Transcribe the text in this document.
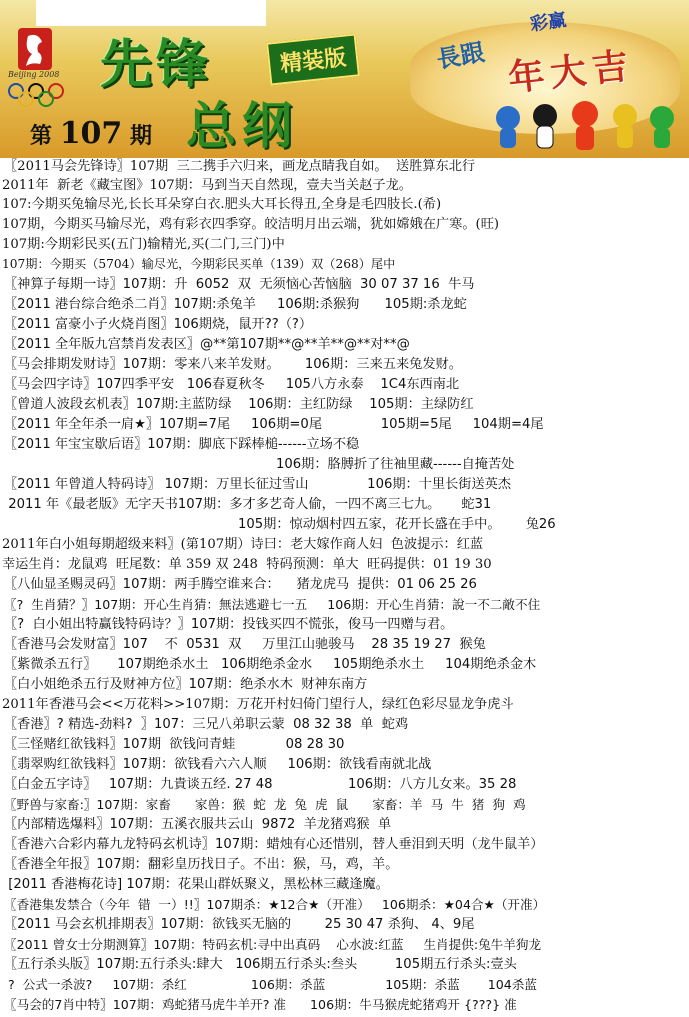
Beijing 2008 先锋	精装版
总纲
第 107 期
彩赢
長跟 年大吉
〖2011马会先锋诗〗107期  三二携手六归来，画龙点睛我自如。  送胜算东北行
2011年  新老《藏宝图》107期：马到当天自然现，壹夫当关赵子龙。
107:今期买兔输尽光,长长耳朵穿白衣.肥头大耳长得丑,全身是毛四肢长.(希)
107期，今期买马输尽光，鸡有彩衣四季穿。皎洁明月出云端，犹如嫦娥在广寒。(旺)
107期:今期彩民买(五门)输精光,买(二门,三门)中
107期：今期买（5704）输尽光，今期彩民买单（139）双（268）尾中
〖神算子每期一诗〗107期：升  6052  双  无须恼心苦恼脑  30 07 37 16  牛马
〖2011 港台综合绝杀二肖〗107期:杀兔羊     106期:杀猴狗      105期:杀龙蛇
〖2011 富豪小子火烧肖图〗106期烧，鼠开??（?）
〖2011 全年版九宫禁肖发表区〗@**第107期**@**羊**@**对**@
〖马会排期发财诗〗107期：零来八来羊发财。      106期：三来五来兔发财。
〖马会四字诗〗107四季平安   106春夏秋冬     105八方永泰    1C4东西南北
〖曾道人波段玄机表〗107期:主蓝防绿    106期：主红防绿    105期：主绿防红
〖2011 年全年杀一肩★〗107期=7尾     106期=0尾              105期=5尾     104期=4尾
〖2011 年宝宝歇后语〗107期：脚底下踩棒槌------立场不稳
106期：胳膊折了往袖里藏------自掩苦处
〖2011 年曾道人特码诗〗 107期：万里长征过雪山              106期：十里长街送英杰
2011 年《最老版》无字天书107期：多才多艺奇人偷，一四不离三七九。     蛇31
105期：惊动烟村四五家，花开长盛在手中。      兔26
2011年白小姐每期超级来料〗(第107期）诗曰：老大嫁作商人妇  色波提示：红蓝
幸运生肖：龙鼠鸡  旺尾数：单 359 双 248  特码预测：单大  旺码提供：01 19 30
〖八仙显圣赐灵码〗107期：两手腾空谁来合：    猪龙虎马  提供：01 06 25 26
〖?  生肖猜？〗107期：开心生肖猜：無法逃避七一五     106期：开心生肖猜：說一不二敵不住
〖?  白小姐出特赢钱特码诗？〗107期：投钱买四不慌张，俊马一四赠与君。
〖香港马会发财富〗107    不  0531  双     万里江山驰骏马    28 35 19 27  猴兔
〖紫微杀五行〗     107期绝杀水土   106期绝杀金水     105期绝杀水土     104期绝杀金木
〖白小姐绝杀五行及财神方位〗107期：绝杀水木  财神东南方
2011年香港马会<<万花料>>107期：万花开村妇倚门望行人，绿红色彩尽显龙争虎斗
〖香港〗? 精选-劲料?  〗107：三兄八弟职云蒙  08 32 38  单  蛇鸡
〖三怪赌红欲钱料〗107期  欲钱问青蛙            08 28 30
〖翡翠购红欲钱料〗107期：欲钱看六六人顺     106期：欲钱看南就北战
〖白金五字诗〗   107期：九貴谈五经. 27 48                  106期：八方儿女来。35 28
〖野兽与家畜:〗107期：家畜      家兽：猴  蛇  龙  兔  虎  鼠      家畜：羊  马  牛  猪  狗  鸡
〖内部精选爆料〗107期：五溪衣服共云山  9872  羊龙猪鸡猴  单
〖香港六合彩内幕九龙特码玄机诗〗107期：蜡烛有心还惜别，替人垂泪到天明（龙牛鼠羊）
〖香港全年报〗107期：翻彩皇历找日子。不出：猴，马，鸡，羊。
[2011 香港梅花诗] 107期：花果山群妖聚义，黑松林三藏逢魔。
〖香港集发禁合（今年  错  一）!!〗107期杀：★12合★（开准）   106期杀：★04合★（开准）
〖2011 马会玄机排期表〗107期：欲钱买无脑的        25 30 47 杀狗、 4、9尾
〖2011 曾女士分期测算〗107期：特码玄机:寻中出真码    心水波:红蓝     生肖提供:兔牛羊狗龙
〖五行杀头版〗107期:五行杀头:肆大   106期五行杀头:叁头         105期五行杀头:壹头
?  公式一杀波?     107期：杀红                106期：杀蓝               105期：杀蓝       104杀蓝
〖马会的7肖中特〗107期：鸡蛇猪马虎牛羊开? 准      106期：牛马猴虎蛇猪鸡开 {???} 准
